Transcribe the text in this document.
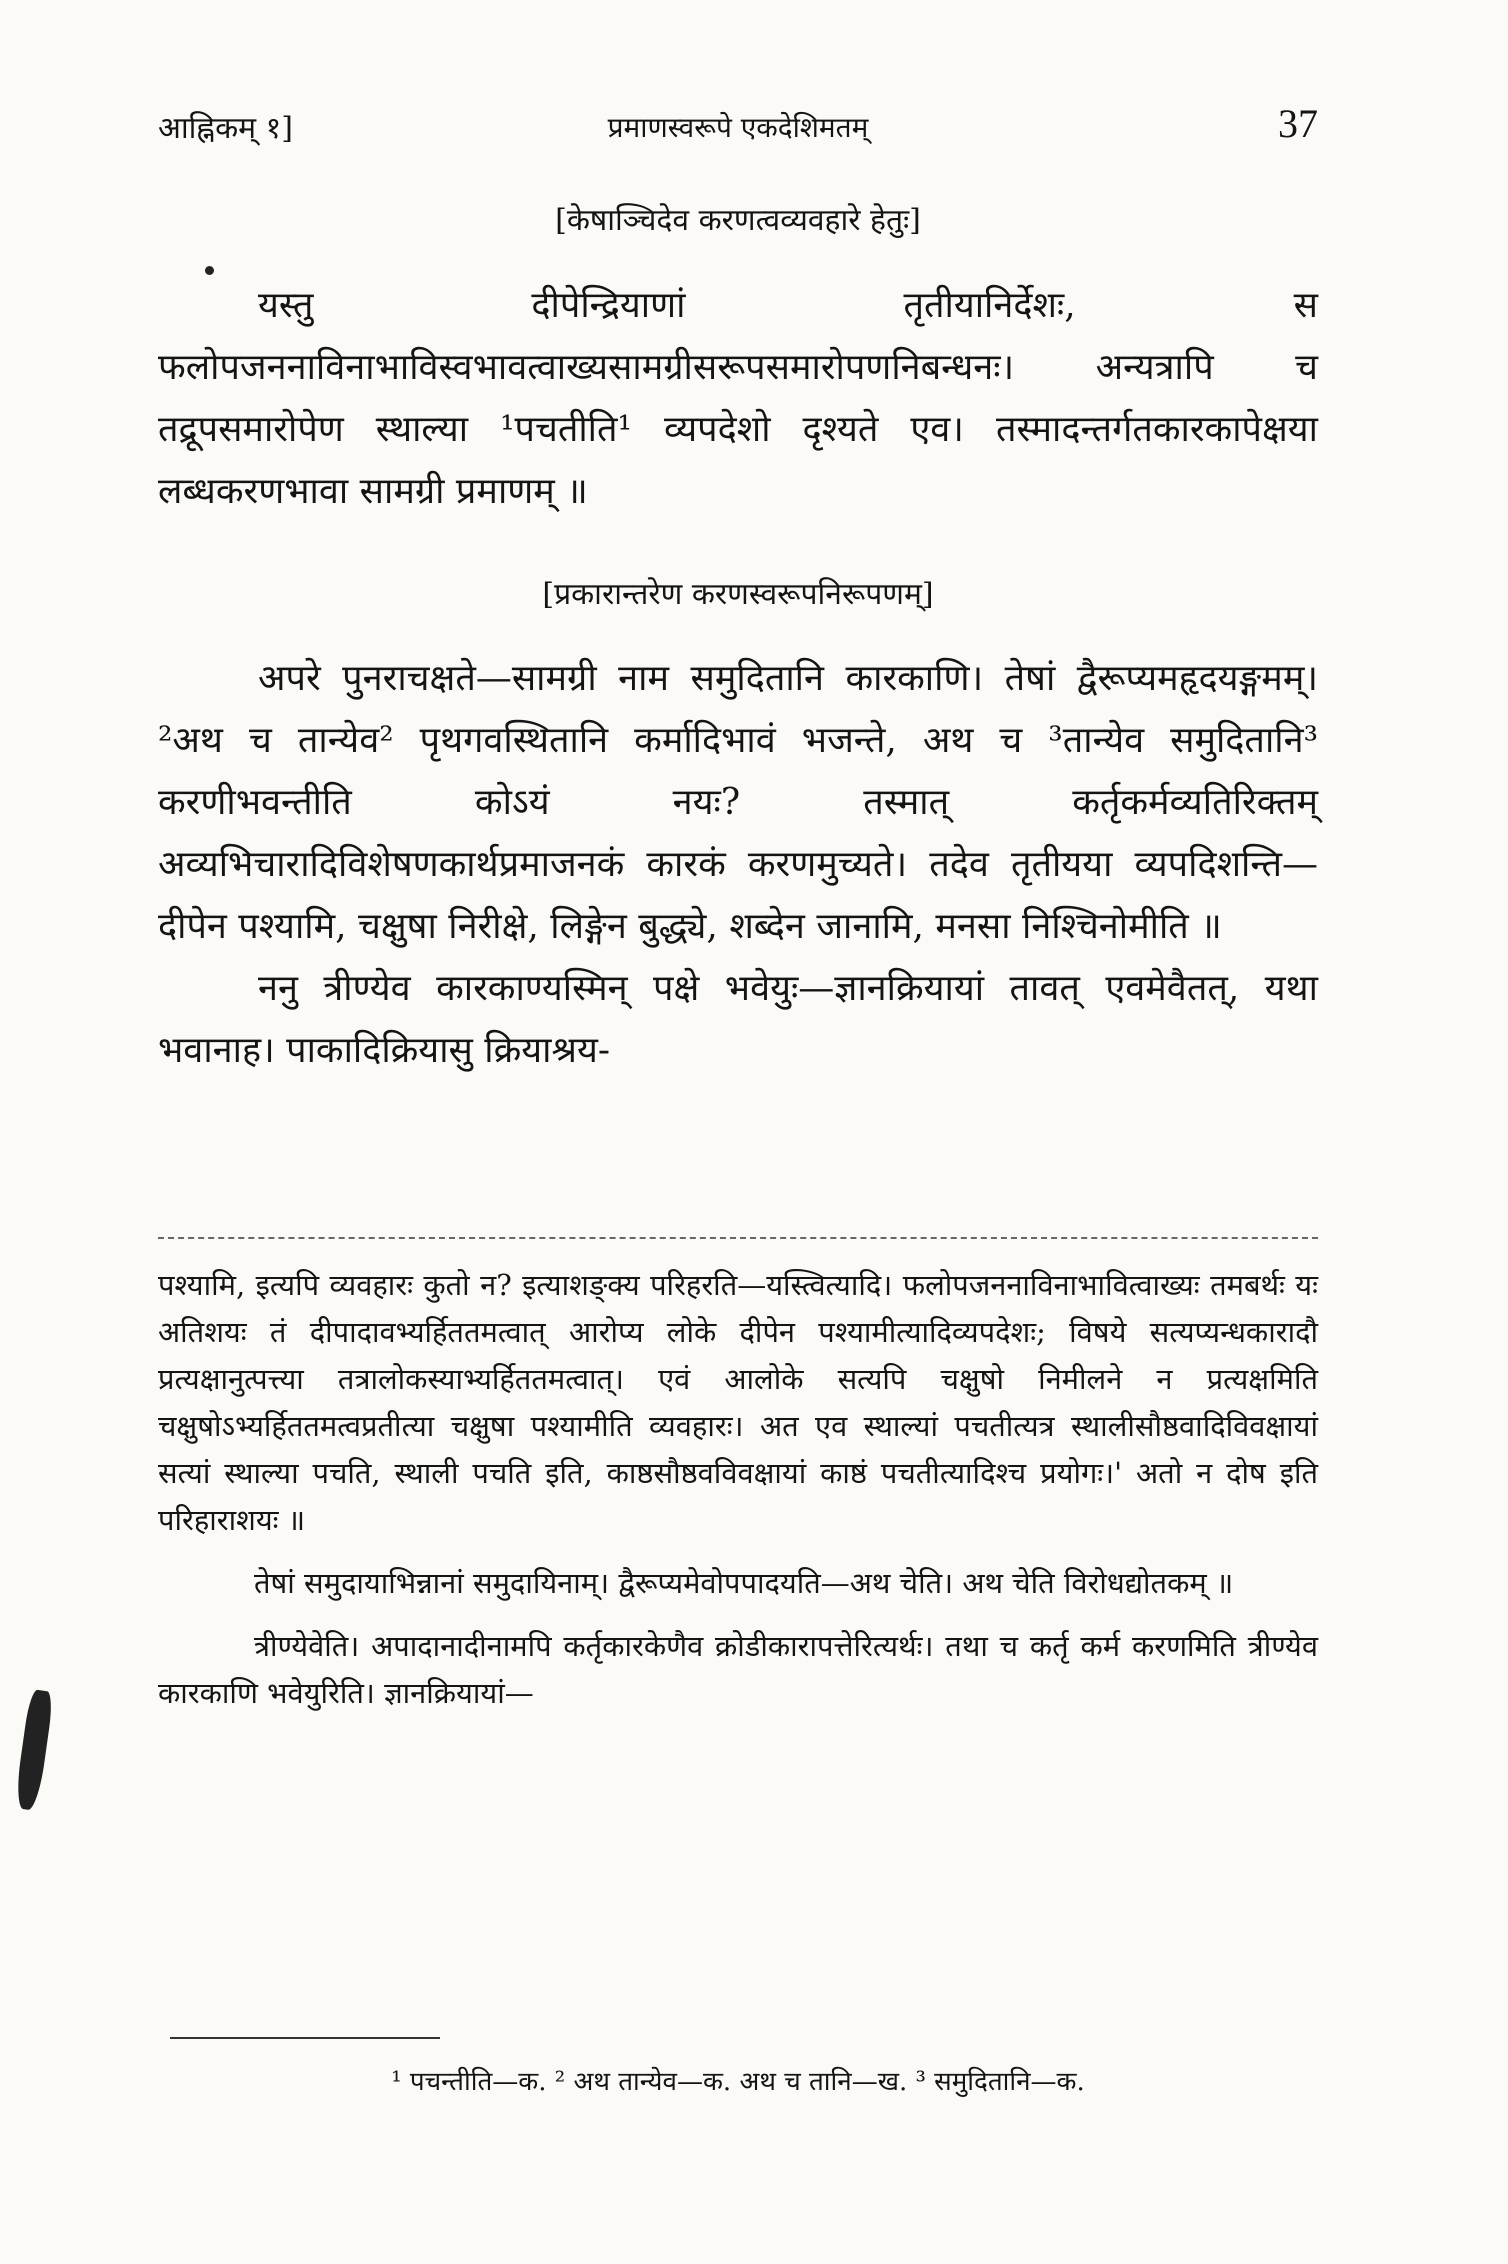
आह्निकम् १]	प्रमाणस्वरूपे एकदेशिमतम्	37
[केषाञ्चिदेव करणत्वव्यवहारे हेतुः]

यस्तु दीपेन्द्रियाणां तृतीयानिर्देशः, स फलोपजननाविनाभाविस्वभावत्वाख्यसामग्रीसरूपसमारोपणनिबन्धनः। अन्यत्रापि च तद्रूपसमारोपेण स्थाल्या ¹पचतीति¹ व्यपदेशो दृश्यते एव। तस्मादन्तर्गतकारकापेक्षया लब्धकरणभावा सामग्री प्रमाणम् ॥

[प्रकारान्तरेण करणस्वरूपनिरूपणम्]

अपरे पुनराचक्षते—सामग्री नाम समुदितानि कारकाणि। तेषां द्वैरूप्यमहृदयङ्गमम्। ²अथ च तान्येव² पृथगवस्थितानि कर्मादिभावं भजन्ते, अथ च ³तान्येव समुदितानि³ करणीभवन्तीति कोऽयं नयः? तस्मात् कर्तृकर्मव्यतिरिक्तम् अव्यभिचारादिविशेषणकार्थप्रमाजनकं कारकं करणमुच्यते। तदेव तृतीयया व्यपदिशन्ति—दीपेन पश्यामि, चक्षुषा निरीक्षे, लिङ्गेन बुद्ध्ये, शब्देन जानामि, मनसा निश्चिनोमीति ॥

ननु त्रीण्येव कारकाण्यस्मिन् पक्षे भवेयुः—ज्ञानक्रियायां तावत् एवमेवैतत्, यथा भवानाह। पाकादिक्रियासु क्रियाश्रय-

पश्यामि, इत्यपि व्यवहारः कुतो न? इत्याशङ्क्य परिहरति—यस्त्वित्यादि। फलोपजननाविनाभावित्वाख्यः तमबर्थः यः अतिशयः तं दीपादावभ्यर्हिततमत्वात् आरोप्य लोके दीपेन पश्यामीत्यादिव्यपदेशः; विषये सत्यप्यन्धकारादौ प्रत्यक्षानुत्पत्त्या तत्रालोकस्याभ्यर्हिततमत्वात्। एवं आलोके सत्यपि चक्षुषो निमीलने न प्रत्यक्षमिति चक्षुषोऽभ्यर्हिततमत्वप्रतीत्या चक्षुषा पश्यामीति व्यवहारः। अत एव स्थाल्यां पचतीत्यत्र स्थालीसौष्ठवादिविवक्षायां सत्यां स्थाल्या पचति, स्थाली पचति इति, काष्ठसौष्ठवविवक्षायां काष्ठं पचतीत्यादिश्च प्रयोगः।' अतो न दोष इति परिहाराशयः ॥

तेषां समुदायाभिन्नानां समुदायिनाम्। द्वैरूप्यमेवोपपादयति—अथ चेति। अथ चेति विरोधद्योतकम् ॥

त्रीण्येवेति। अपादानादीनामपि कर्तृकारकेणैव क्रोडीकारापत्तेरित्यर्थः। तथा च कर्तृ कर्म करणमिति त्रीण्येव कारकाणि भवेयुरिति। ज्ञानक्रियायां—

¹ पचन्तीति—क. ² अथ तान्येव—क. अथ च तानि—ख. ³ समुदितानि—क.
